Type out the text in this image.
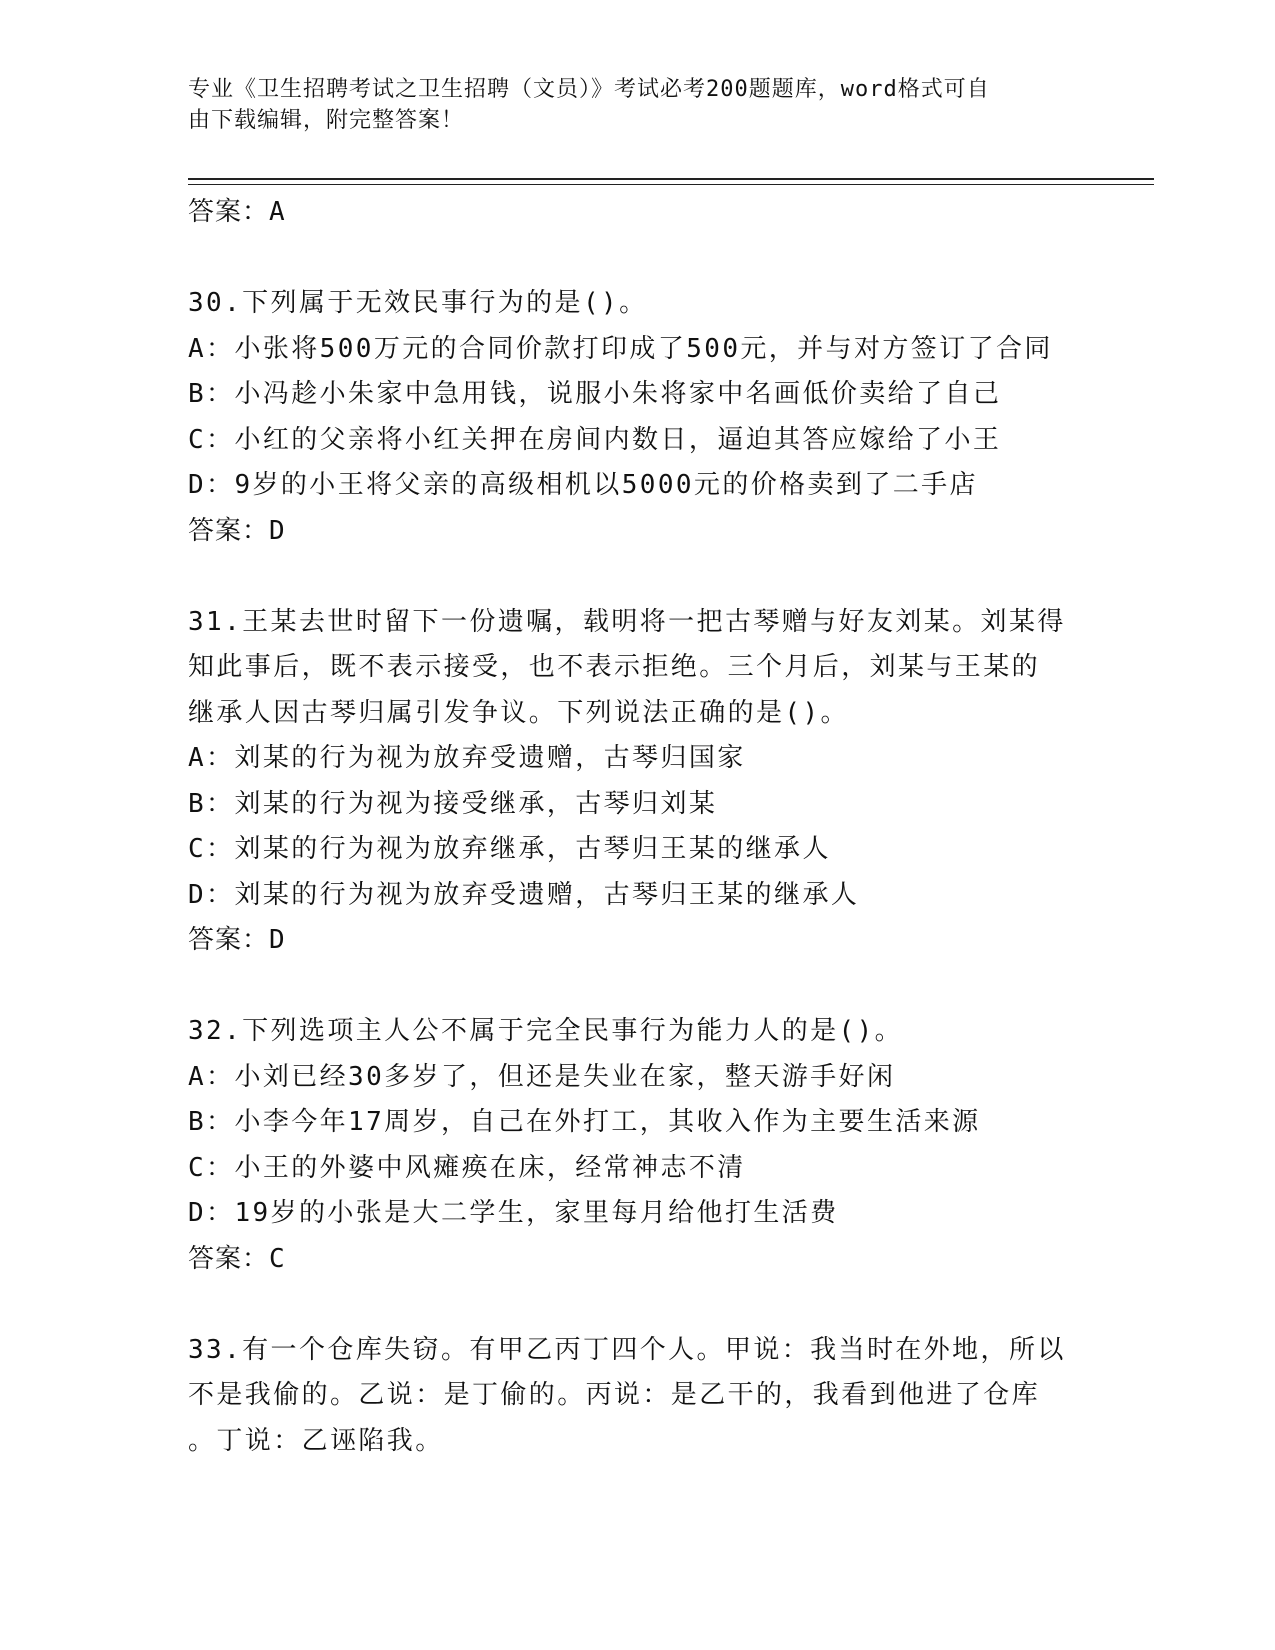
专业《卫生招聘考试之卫生招聘（文员）》考试必考200题题库，word格式可自
由下载编辑，附完整答案！
答案：A
30.下列属于无效民事行为的是()。
A：小张将500万元的合同价款打印成了500元，并与对方签订了合同
B：小冯趁小朱家中急用钱，说服小朱将家中名画低价卖给了自己
C：小红的父亲将小红关押在房间内数日，逼迫其答应嫁给了小王
D：9岁的小王将父亲的高级相机以5000元的价格卖到了二手店
答案：D
31.王某去世时留下一份遗嘱，载明将一把古琴赠与好友刘某。刘某得
知此事后，既不表示接受，也不表示拒绝。三个月后，刘某与王某的
继承人因古琴归属引发争议。下列说法正确的是()。
A：刘某的行为视为放弃受遗赠，古琴归国家
B：刘某的行为视为接受继承，古琴归刘某
C：刘某的行为视为放弃继承，古琴归王某的继承人
D：刘某的行为视为放弃受遗赠，古琴归王某的继承人
答案：D
32.下列选项主人公不属于完全民事行为能力人的是()。
A：小刘已经30多岁了，但还是失业在家，整天游手好闲
B：小李今年17周岁，自己在外打工，其收入作为主要生活来源
C：小王的外婆中风瘫痪在床，经常神志不清
D：19岁的小张是大二学生，家里每月给他打生活费
答案：C
33.有一个仓库失窃。有甲乙丙丁四个人。甲说：我当时在外地，所以
不是我偷的。乙说：是丁偷的。丙说：是乙干的，我看到他进了仓库
。丁说：乙诬陷我。
